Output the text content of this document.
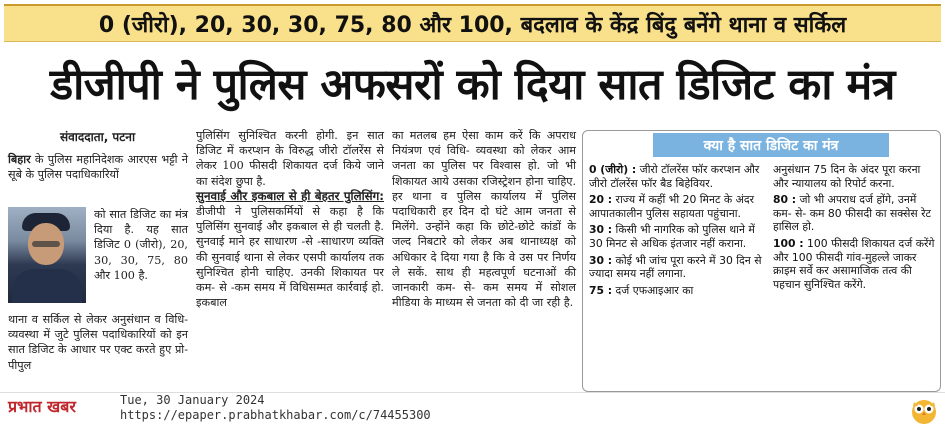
0 (जीरो), 20, 30, 30, 75, 80 और 100, बदलाव के केंद्र बिंदु बनेंगे थाना व सर्किल
डीजीपी ने पुलिस अफसरों को दिया सात डिजिट का मंत्र
संवाददाता, पटना

बिहार के पुलिस महानिदेशक आरएस भट्टी ने सूबे के पुलिस पदाधिकारियों

को सात डिजिट का मंत्र दिया है. यह सात डिजिट 0 (जीरो), 20, 30, 30, 75, 80 और 100 है.

थाना व सर्किल से लेकर अनुसंधान व विधि-व्यवस्था में जुटे पुलिस पदाधिकारियों को इन सात डिजिट के आधार पर एक्ट करते हुए प्रो-पीपुल

पुलिसिंग सुनिश्चित करनी होगी. इन सात डिजिट में करप्शन के विरुद्ध जीरो टॉलरेंस से लेकर 100 फीसदी शिकायत दर्ज किये जाने का संदेश छुपा है.
सुनवाई और इकबाल से ही बेहतर पुलिसिंग: डीजीपी ने पुलिसकर्मियों से कहा है कि पुलिसिंग सुनवाई और इकबाल से ही चलती है. सुनवाई माने हर साधारण -से -साधारण व्यक्ति की सुनवाई थाना से लेकर एसपी कार्यालय तक सुनिश्चित होनी चाहिए. उनकी शिकायत पर कम- से -कम समय में विधिसम्मत कार्रवाई हो. इकबाल
का मतलब हम ऐसा काम करें कि अपराध नियंत्रण एवं विधि- व्यवस्था को लेकर आम जनता का पुलिस पर विश्वास हो. जो भी शिकायत आये उसका रजिस्ट्रेशन होना चाहिए. हर थाना व पुलिस कार्यालय में पुलिस पदाधिकारी हर दिन दो घंटे आम जनता से मिलेंगे. उन्होंने कहा कि छोटे-छोटे कांडों के जल्द निबटारे को लेकर अब थानाध्यक्ष को अधिकार दे दिया गया है कि वे उस पर निर्णय ले सकें. साथ ही महत्वपूर्ण घटनाओं की जानकारी कम- से- कम समय में सोशल मीडिया के माध्यम से जनता को दी जा रही है.
क्या है सात डिजिट का मंत्र

0 (जीरो) : जीरो टॉलरेंस फॉर करप्शन और जीरो टॉलरेंस फॉर बैड बिहेवियर.

20 : राज्य में कहीं भी 20 मिनट के अंदर आपातकालीन पुलिस सहायता पहुंचाना.

30 : किसी भी नागरिक को पुलिस थाने में 30 मिनट से अधिक इंतजार नहीं कराना.

30 : कोई भी जांच पूरा करने में 30 दिन से ज्यादा समय नहीं लगाना.

75 : दर्ज एफआइआर का

अनुसंधान 75 दिन के अंदर पूरा करना और न्यायालय को रिपोर्ट करना.

80 : जो भी अपराध दर्ज होंगे, उनमें कम- से- कम 80 फीसदी का सक्सेस रेट हासिल हो.

100 : 100 फीसदी शिकायत दर्ज करेंगे और 100 फीसदी गांव-मुहल्ले जाकर क्राइम सर्वे कर असामाजिक तत्व की पहचान सुनिश्चित करेंगे.

प्रभात खबर	Tue, 30 January 2024
https://epaper.prabhatkhabar.com/c/74455300
